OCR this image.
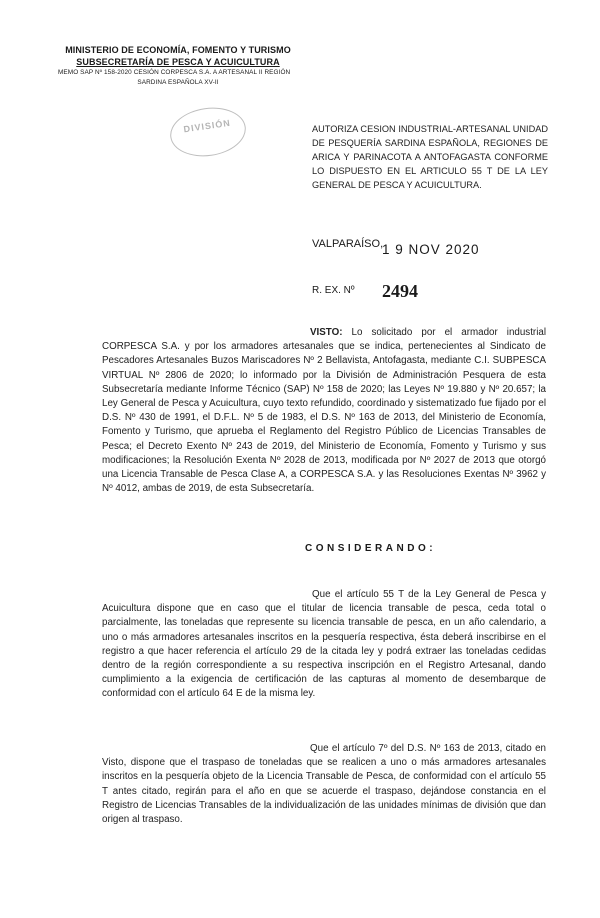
MINISTERIO DE ECONOMÍA, FOMENTO Y TURISMO
SUBSECRETARÍA DE PESCA Y ACUICULTURA
MEMO SAP Nº 158-2020 CESIÓN CORPESCA S.A. A ARTESANAL II REGIÓN
SARDINA ESPAÑOLA XV-II
DIVISIÓN	AUTORIZA CESION INDUSTRIAL-ARTESANAL UNIDAD DE PESQUERÍA SARDINA ESPAÑOLA, REGIONES DE ARICA Y PARINACOTA A ANTOFAGASTA CONFORME LO DISPUESTO EN EL ARTICULO 55 T DE LA LEY GENERAL DE PESCA Y ACUICULTURA.
VALPARAÍSO,
1 9 NOV 2020
R. EX. Nº 2494
VISTO: Lo solicitado por el armador industrial CORPESCA S.A. y por los armadores artesanales que se indica, pertenecientes al Sindicato de Pescadores Artesanales Buzos Mariscadores Nº 2 Bellavista, Antofagasta, mediante C.I. SUBPESCA VIRTUAL Nº 2806 de 2020; lo informado por la División de Administración Pesquera de esta Subsecretaría mediante Informe Técnico (SAP) Nº 158 de 2020; las Leyes Nº 19.880 y Nº 20.657; la Ley General de Pesca y Acuicultura, cuyo texto refundido, coordinado y sistematizado fue fijado por el D.S. Nº 430 de 1991, el D.F.L. Nº 5 de 1983, el D.S. Nº 163 de 2013, del Ministerio de Economía, Fomento y Turismo, que aprueba el Reglamento del Registro Público de Licencias Transables de Pesca; el Decreto Exento Nº 243 de 2019, del Ministerio de Economía, Fomento y Turismo y sus modificaciones; la Resolución Exenta Nº 2028 de 2013, modificada por Nº 2027 de 2013 que otorgó una Licencia Transable de Pesca Clase A, a CORPESCA S.A. y las Resoluciones Exentas Nº 3962 y Nº 4012, ambas de 2019, de esta Subsecretaría.
CONSIDERANDO:
Que el artículo 55 T de la Ley General de Pesca y Acuicultura dispone que en caso que el titular de licencia transable de pesca, ceda total o parcialmente, las toneladas que represente su licencia transable de pesca, en un año calendario, a uno o más armadores artesanales inscritos en la pesquería respectiva, ésta deberá inscribirse en el registro a que hacer referencia el artículo 29 de la citada ley y podrá extraer las toneladas cedidas dentro de la región correspondiente a su respectiva inscripción en el Registro Artesanal, dando cumplimiento a la exigencia de certificación de las capturas al momento de desembarque de conformidad con el artículo 64 E de la misma ley.
Que el artículo 7º del D.S. Nº 163 de 2013, citado en Visto, dispone que el traspaso de toneladas que se realicen a uno o más armadores artesanales inscritos en la pesquería objeto de la Licencia Transable de Pesca, de conformidad con el artículo 55 T antes citado, regirán para el año en que se acuerde el traspaso, dejándose constancia en el Registro de Licencias Transables de la individualización de las unidades mínimas de división que dan origen al traspaso.
